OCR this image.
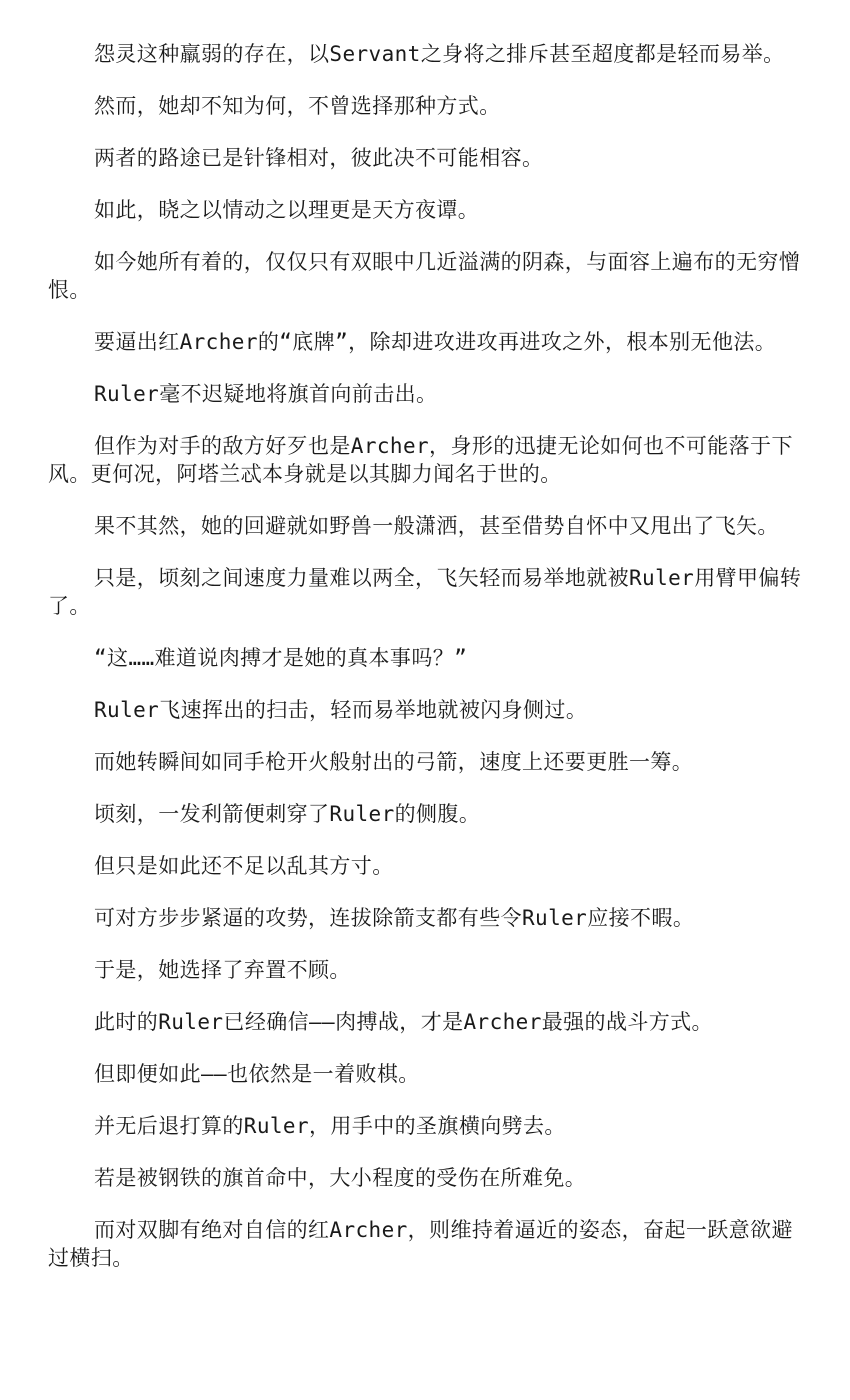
怨灵这种羸弱的存在，以Servant之身将之排斥甚至超度都是轻而易举。

然而，她却不知为何，不曾选择那种方式。

两者的路途已是针锋相对，彼此决不可能相容。

如此，晓之以情动之以理更是天方夜谭。

如今她所有着的，仅仅只有双眼中几近溢满的阴森，与面容上遍布的无穷憎恨。

要逼出红Archer的“底牌”，除却进攻进攻再进攻之外，根本别无他法。

Ruler毫不迟疑地将旗首向前击出。

但作为对手的敌方好歹也是Archer，身形的迅捷无论如何也不可能落于下风。更何况，阿塔兰忒本身就是以其脚力闻名于世的。

果不其然，她的回避就如野兽一般潇洒，甚至借势自怀中又甩出了飞矢。

只是，顷刻之间速度力量难以两全，飞矢轻而易举地就被Ruler用臂甲偏转了。

“这……难道说肉搏才是她的真本事吗？”

Ruler飞速挥出的扫击，轻而易举地就被闪身侧过。

而她转瞬间如同手枪开火般射出的弓箭，速度上还要更胜一筹。

顷刻，一发利箭便刺穿了Ruler的侧腹。

但只是如此还不足以乱其方寸。

可对方步步紧逼的攻势，连拔除箭支都有些令Ruler应接不暇。

于是，她选择了弃置不顾。

此时的Ruler已经确信——肉搏战，才是Archer最强的战斗方式。

但即便如此——也依然是一着败棋。

并无后退打算的Ruler，用手中的圣旗横向劈去。

若是被钢铁的旗首命中，大小程度的受伤在所难免。

而对双脚有绝对自信的红Archer，则维持着逼近的姿态，奋起一跃意欲避过横扫。
